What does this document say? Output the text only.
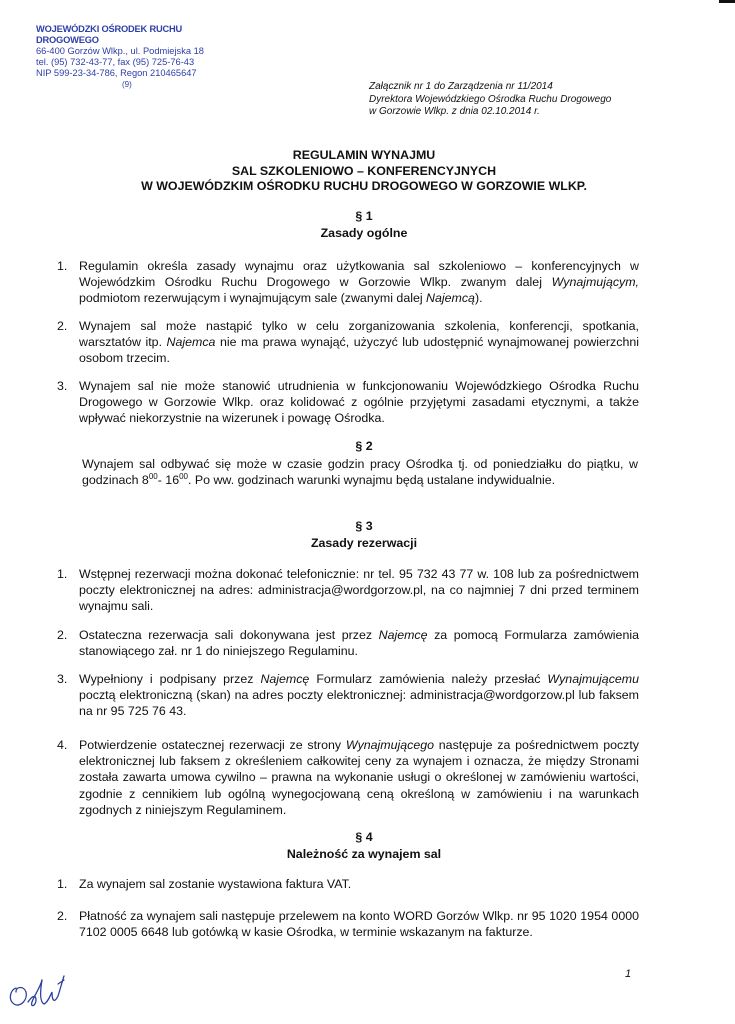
WOJEWÓDZKI OŚRODEK RUCHU DROGOWEGO
66-400 Gorzów Wlkp., ul. Podmiejska 18
tel. (95) 732-43-77, fax (95) 725-76-43
NIP 599-23-34-786, Regon 210465647
(9)	Załącznik nr 1 do Zarządzenia nr 11/2014
Dyrektora Wojewódzkiego Ośrodka Ruchu Drogowego
w Gorzowie Wlkp. z dnia 02.10.2014 r.
REGULAMIN WYNAJMU
SAL SZKOLENIOWO – KONFERENCYJNYCH
W WOJEWÓDZKIM OŚRODKU RUCHU DROGOWEGO W GORZOWIE WLKP.
§ 1
Zasady ogólne
1. Regulamin określa zasady wynajmu oraz użytkowania sal szkoleniowo – konferencyjnych w Wojewódzkim Ośrodku Ruchu Drogowego w Gorzowie Wlkp. zwanym dalej Wynajmującym, podmiotom rezerwującym i wynajmującym sale (zwanymi dalej Najemcą).
2. Wynajem sal może nastąpić tylko w celu zorganizowania szkolenia, konferencji, spotkania, warsztatów itp. Najemca nie ma prawa wynająć, użyczyć lub udostępnić wynajmowanej powierzchni osobom trzecim.
3. Wynajem sal nie może stanowić utrudnienia w funkcjonowaniu Wojewódzkiego Ośrodka Ruchu Drogowego w Gorzowie Wlkp. oraz kolidować z ogólnie przyjętymi zasadami etycznymi, a także wpływać niekorzystnie na wizerunek i powagę Ośrodka.
§ 2
Wynajem sal odbywać się może w czasie godzin pracy Ośrodka tj. od poniedziałku do piątku, w godzinach $8^{00}-$ $16^{00}$. Po ww. godzinach warunki wynajmu będą ustalane indywidualnie.
§ 3
Zasady rezerwacji
1. Wstępnej rezerwacji można dokonać telefonicznie: nr tel. 95 732 43 77 w. 108 lub za pośrednictwem poczty elektronicznej na adres: administracja@wordgorzow.pl, na co najmniej 7 dni przed terminem wynajmu sali.
2. Ostateczna rezerwacja sali dokonywana jest przez Najemcę za pomocą Formularza zamówienia stanowiącego zał. nr 1 do niniejszego Regulaminu.
3. Wypełniony i podpisany przez Najemcę Formularz zamówienia należy przesłać Wynajmującemu pocztą elektroniczną (skan) na adres poczty elektronicznej: administracja@wordgorzow.pl lub faksem na nr 95 725 76 43.
4. Potwierdzenie ostatecznej rezerwacji ze strony Wynajmującego następuje za pośrednictwem poczty elektronicznej lub faksem z określeniem całkowitej ceny za wynajem i oznacza, że między Stronami została zawarta umowa cywilno – prawna na wykonanie usługi o określonej w zamówieniu wartości, zgodnie z cennikiem lub ogólną wynegocjowaną ceną określoną w zamówieniu i na warunkach zgodnych z niniejszym Regulaminem.
§ 4
Należność za wynajem sal
1. Za wynajem sal zostanie wystawiona faktura VAT.
2. Płatność za wynajem sali następuje przelewem na konto WORD Gorzów Wlkp. nr 95 1020 1954 0000 7102 0005 6648 lub gotówką w kasie Ośrodka, w terminie wskazanym na fakturze.
1
